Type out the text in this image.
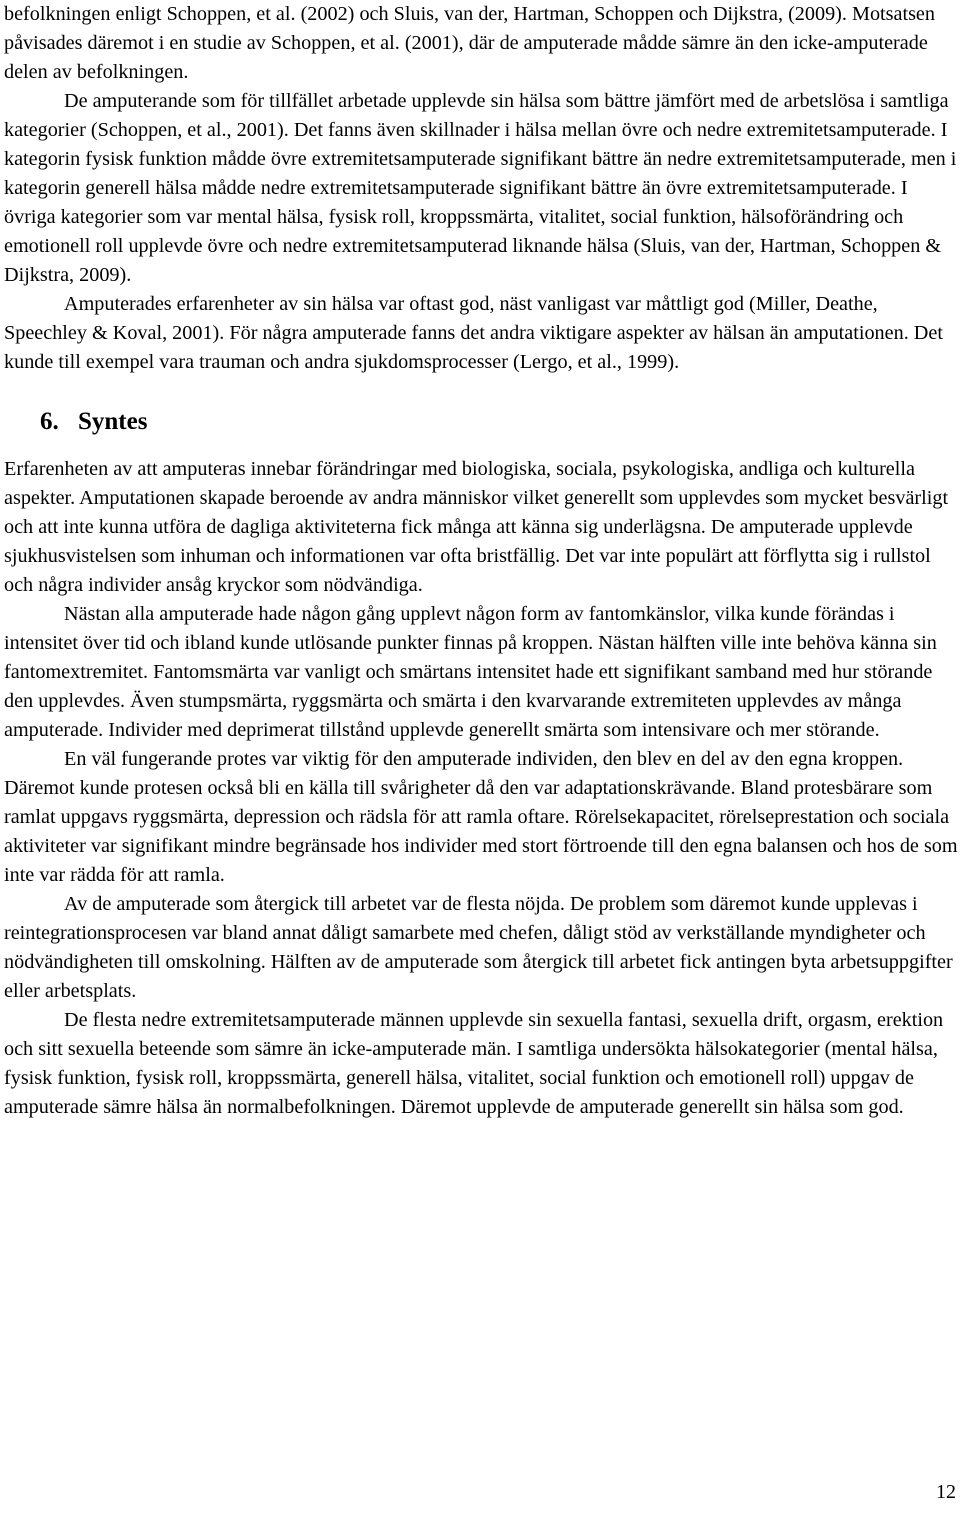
befolkningen enligt Schoppen, et al. (2002) och Sluis, van der, Hartman, Schoppen och Dijkstra, (2009). Motsatsen påvisades däremot i en studie av Schoppen, et al. (2001), där de amputerade mådde sämre än den icke-amputerade delen av befolkningen.

De amputerande som för tillfället arbetade upplevde sin hälsa som bättre jämfört med de arbetslösa i samtliga kategorier (Schoppen, et al., 2001). Det fanns även skillnader i hälsa mellan övre och nedre extremitetsamputerade. I kategorin fysisk funktion mådde övre extremitetsamputerade signifikant bättre än nedre extremitetsamputerade, men i kategorin generell hälsa mådde nedre extremitetsamputerade signifikant bättre än övre extremitetsamputerade. I övriga kategorier som var mental hälsa, fysisk roll, kroppssmärta, vitalitet, social funktion, hälsoförändring och emotionell roll upplevde övre och nedre extremitetsamputerad liknande hälsa (Sluis, van der, Hartman, Schoppen & Dijkstra, 2009).

Amputerades erfarenheter av sin hälsa var oftast god, näst vanligast var måttligt god (Miller, Deathe, Speechley & Koval, 2001). För några amputerade fanns det andra viktigare aspekter av hälsan än amputationen. Det kunde till exempel vara trauman och andra sjukdomsprocesser (Lergo, et al., 1999).

6. Syntes

Erfarenheten av att amputeras innebar förändringar med biologiska, sociala, psykologiska, andliga och kulturella aspekter. Amputationen skapade beroende av andra människor vilket generellt som upplevdes som mycket besvärligt och att inte kunna utföra de dagliga aktiviteterna fick många att känna sig underlägsna. De amputerade upplevde sjukhusvistelsen som inhuman och informationen var ofta bristfällig. Det var inte populärt att förflytta sig i rullstol och några individer ansåg kryckor som nödvändiga.

Nästan alla amputerade hade någon gång upplevt någon form av fantomkänslor, vilka kunde förändas i intensitet över tid och ibland kunde utlösande punkter finnas på kroppen. Nästan hälften ville inte behöva känna sin fantomextremitet. Fantomsmärta var vanligt och smärtans intensitet hade ett signifikant samband med hur störande den upplevdes. Även stumpsmärta, ryggsmärta och smärta i den kvarvarande extremiteten upplevdes av många amputerade. Individer med deprimerat tillstånd upplevde generellt smärta som intensivare och mer störande.

En väl fungerande protes var viktig för den amputerade individen, den blev en del av den egna kroppen. Däremot kunde protesen också bli en källa till svårigheter då den var adaptationskrävande. Bland protesbärare som ramlat uppgavs ryggsmärta, depression och rädsla för att ramla oftare. Rörelsekapacitet, rörelseprestation och sociala aktiviteter var signifikant mindre begränsade hos individer med stort förtroende till den egna balansen och hos de som inte var rädda för att ramla.

Av de amputerade som återgick till arbetet var de flesta nöjda. De problem som däremot kunde upplevas i reintegrationsprocesen var bland annat dåligt samarbete med chefen, dåligt stöd av verkställande myndigheter och nödvändigheten till omskolning. Hälften av de amputerade som återgick till arbetet fick antingen byta arbetsuppgifter eller arbetsplats.

De flesta nedre extremitetsamputerade männen upplevde sin sexuella fantasi, sexuella drift, orgasm, erektion och sitt sexuella beteende som sämre än icke-amputerade män. I samtliga undersökta hälsokategorier (mental hälsa, fysisk funktion, fysisk roll, kroppssmärta, generell hälsa, vitalitet, social funktion och emotionell roll) uppgav de amputerade sämre hälsa än normalbefolkningen. Däremot upplevde de amputerade generellt sin hälsa som god.

12
